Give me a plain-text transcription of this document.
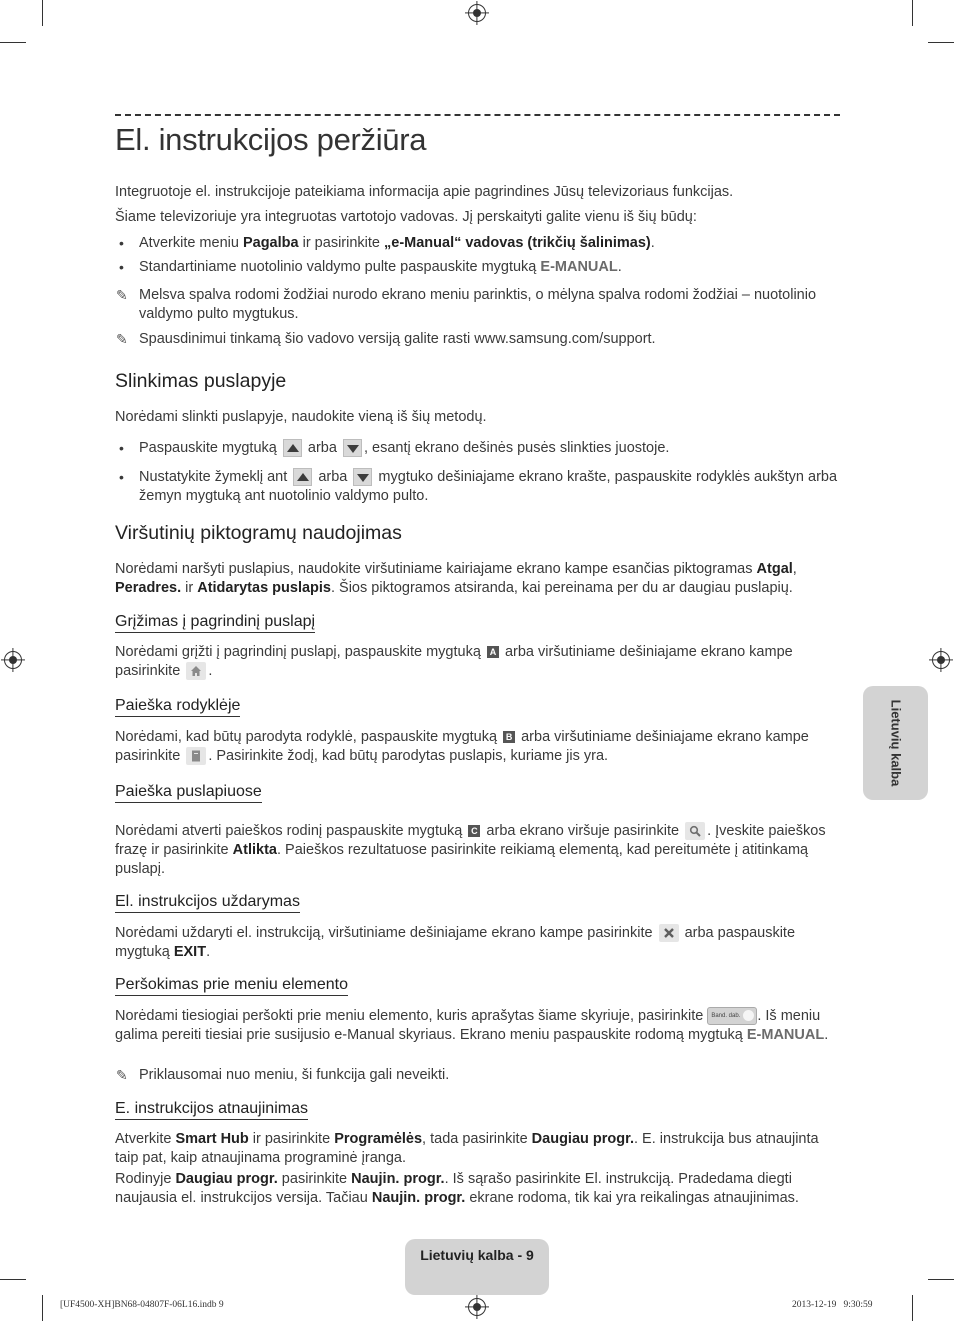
El. instrukcijos peržiūra

Integruotoje el. instrukcijoje pateikiama informacija apie pagrindines Jūsų televizoriaus funkcijas.

Šiame televizoriuje yra integruotas vartotojo vadovas. Jį perskaityti galite vienu iš šių būdų:

• Atverkite meniu Pagalba ir pasirinkite „e-Manual“ vadovas (trikčių šalinimas).
• Standartiniame nuotolinio valdymo pulte paspauskite mygtuką E-MANUAL.
✎ Melsva spalva rodomi žodžiai nurodo ekrano meniu parinktis, o mėlyna spalva rodomi žodžiai – nuotolinio valdymo pulto mygtukus.
✎ Spausdinimui tinkamą šio vadovo versiją galite rasti www.samsung.com/support.
Slinkimas puslapyje

Norėdami slinkti puslapyje, naudokite vieną iš šių metodų.

• Paspauskite mygtuką
arba
, esantį ekrano dešinės pusės slinkties juostoje.
• Nustatykite žymeklį ant
arba
mygtuko dešiniajame ekrano krašte, paspauskite rodyklės aukštyn arba žemyn mygtuką ant nuotolinio valdymo pulto.
Viršutinių piktogramų naudojimas

Norėdami naršyti puslapius, naudokite viršutiniame kairiajame ekrano kampe esančias piktogramas Atgal, Peradres. ir Atidarytas puslapis. Šios piktogramos atsiranda, kai pereinama per du ar daugiau puslapių.

Grįžimas į pagrindinį puslapį

Norėdami grįžti į pagrindinį puslapį, paspauskite mygtuką A arba viršutiniame dešiniajame ekrano kampe pasirinkite
.

Paieška rodyklėje

Norėdami, kad būtų parodyta rodyklė, paspauskite mygtuką B arba viršutiniame dešiniajame ekrano kampe pasirinkite
. Pasirinkite žodį, kad būtų parodytas puslapis, kuriame jis yra.

Paieška puslapiuose

Norėdami atverti paieškos rodinį paspauskite mygtuką C arba ekrano viršuje pasirinkite
. Įveskite paieškos frazę ir pasirinkite Atlikta. Paieškos rezultatuose pasirinkite reikiamą elementą, kad pereitumėte į atitinkamą puslapį.

El. instrukcijos uždarymas

Norėdami uždaryti el. instrukciją, viršutiniame dešiniajame ekrano kampe pasirinkite
arba paspauskite mygtuką EXIT.

Peršokimas prie meniu elemento

Norėdami tiesiogiai peršokti prie meniu elemento, kuris aprašytas šiame skyriuje, pasirinkite Band. dab. . Iš meniu galima pereiti tiesiai prie susijusio e-Manual skyriaus. Ekrano meniu paspauskite rodomą mygtuką E-MANUAL.

✎ Priklausomai nuo meniu, ši funkcija gali neveikti.
E. instrukcijos atnaujinimas

Atverkite Smart Hub ir pasirinkite Programėlės, tada pasirinkite Daugiau progr.. E. instrukcija bus atnaujinta taip pat, kaip atnaujinama programinė įranga.

Rodinyje Daugiau progr. pasirinkite Naujin. progr.. Iš sąrašo pasirinkite El. instrukciją. Pradedama diegti naujausia el. instrukcijos versija. Tačiau Naujin. progr. ekrane rodoma, tik kai yra reikalingas atnaujinimas.

Lietuvių kalba
Lietuvių kalba - 9
[UF4500-XH]BN68-04807F-06L16.indb 9	2013-12-19   9:30:59
